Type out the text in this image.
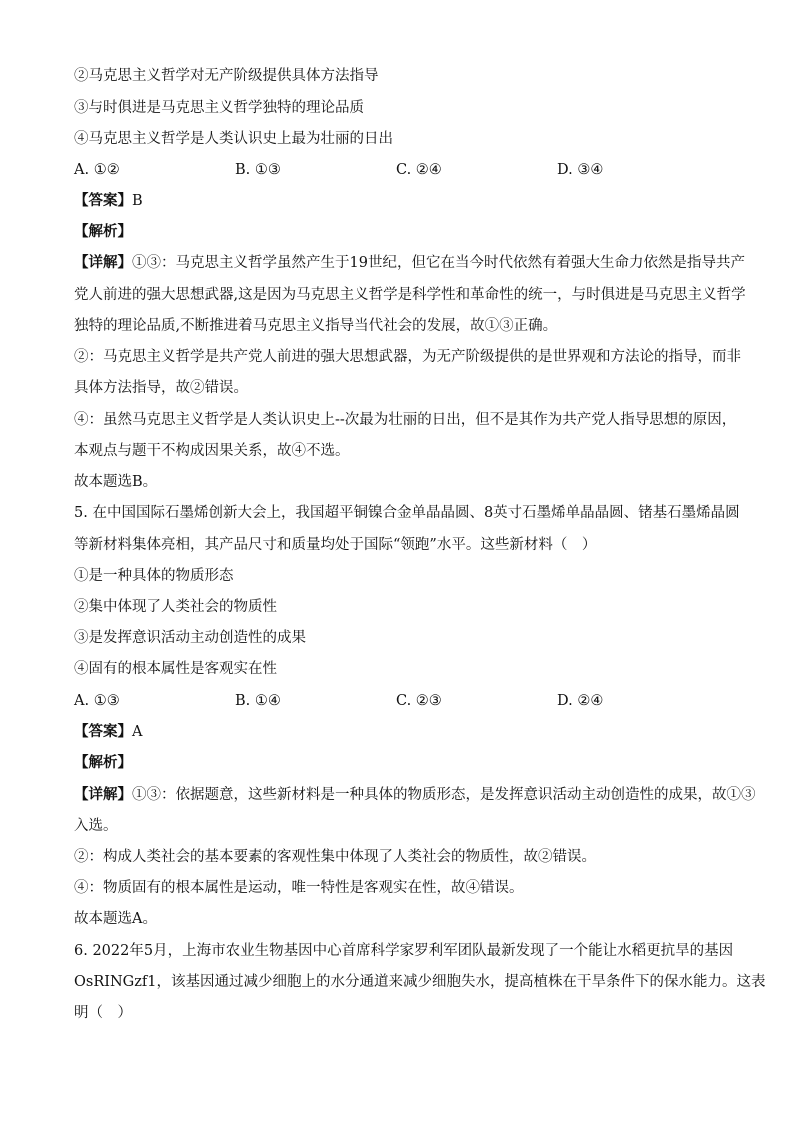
②马克思主义哲学对无产阶级提供具体方法指导
③与时俱进是马克思主义哲学独特的理论品质
④马克思主义哲学是人类认识史上最为壮丽的日出
A. ①②	B. ①③	C. ②④	D. ③④
【答案】B
【解析】
【详解】①③：马克思主义哲学虽然产生于19世纪，但它在当今时代依然有着强大生命力依然是指导共产
党人前进的强大思想武器,这是因为马克思主义哲学是科学性和革命性的统一，与时俱进是马克思主义哲学
独特的理论品质,不断推进着马克思主义指导当代社会的发展，故①③正确。
②：马克思主义哲学是共产党人前进的强大思想武器，为无产阶级提供的是世界观和方法论的指导，而非
具体方法指导，故②错误。
④：虽然马克思主义哲学是人类认识史上--次最为壮丽的日出，但不是其作为共产党人指导思想的原因，
本观点与题干不构成因果关系，故④不选。
故本题选B。
5. 在中国国际石墨烯创新大会上，我国超平铜镍合金单晶晶圆、8英寸石墨烯单晶晶圆、锗基石墨烯晶圆
等新材料集体亮相，其产品尺寸和质量均处于国际“领跑”水平。这些新材料（　）
①是一种具体的物质形态
②集中体现了人类社会的物质性
③是发挥意识活动主动创造性的成果
④固有的根本属性是客观实在性
A. ①③	B. ①④	C. ②③	D. ②④
【答案】A
【解析】
【详解】①③：依据题意，这些新材料是一种具体的物质形态，是发挥意识活动主动创造性的成果，故①③
入选。
②：构成人类社会的基本要素的客观性集中体现了人类社会的物质性，故②错误。
④：物质固有的根本属性是运动，唯一特性是客观实在性，故④错误。
故本题选A。
6. 2022年5月，上海市农业生物基因中心首席科学家罗利军团队最新发现了一个能让水稻更抗旱的基因
OsRINGzf1，该基因通过减少细胞上的水分通道来减少细胞失水，提高植株在干旱条件下的保水能力。这表
明（　）
